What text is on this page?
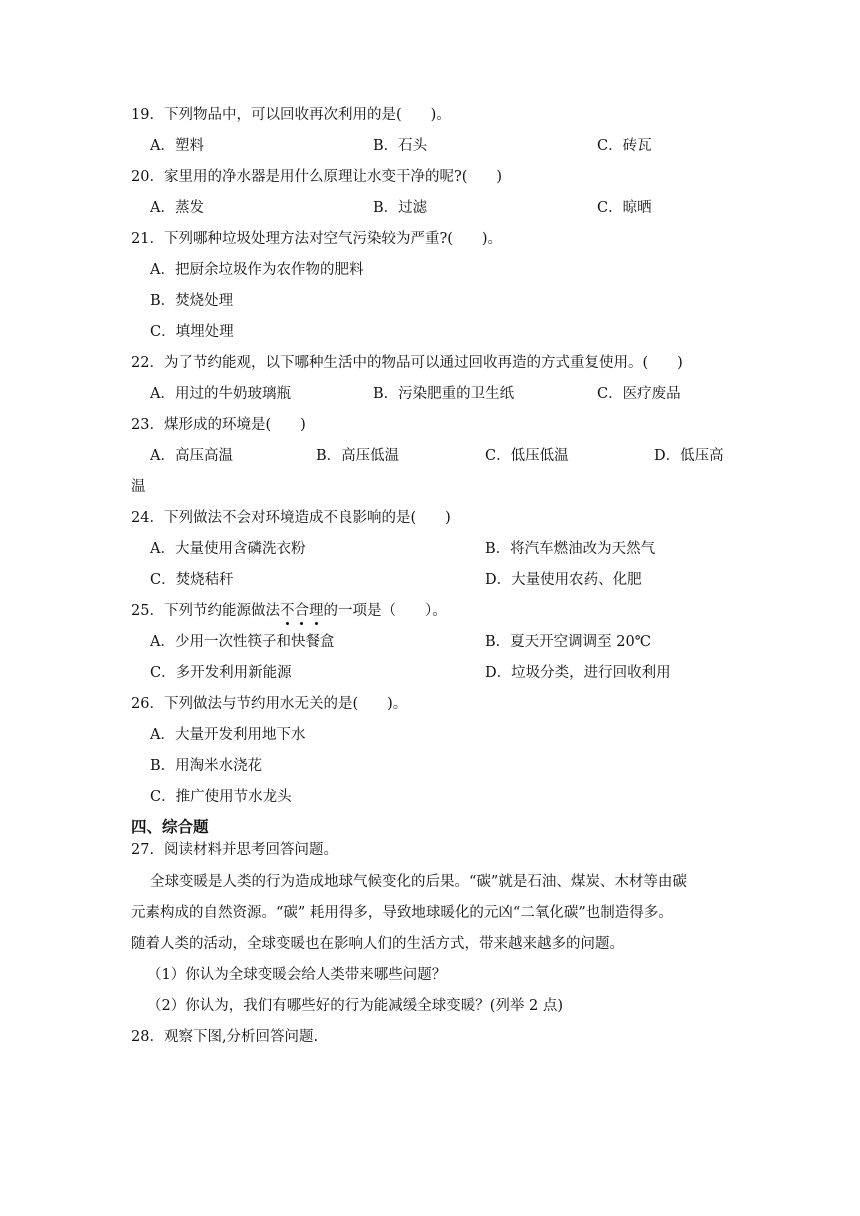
19．下列物品中，可以回收再次利用的是(　　)。
A．塑料	B．石头	C．砖瓦
20．家里用的净水器是用什么原理让水变干净的呢?(　　)
A．蒸发	B．过滤	C．晾晒
21．下列哪种垃圾处理方法对空气污染较为严重?(　　)。
A．把厨余垃圾作为农作物的肥料
B．焚烧处理
C．填埋处理
22．为了节约能观，以下哪种生活中的物品可以通过回收再造的方式重复使用。(　　)
A．用过的牛奶玻璃瓶	B．污染肥重的卫生纸	C．医疗废品
23．煤形成的环境是(　　)
A．高压高温	B．高压低温	C．低压低温	D．低压高
温
24．下列做法不会对环境造成不良影响的是(　　)
A．大量使用含磷洗衣粉	B．将汽车燃油改为天然气
C．焚烧秸秆	D．大量使用农药、化肥
25．下列节约能源做法不合理的一项是（　　）。
A．少用一次性筷子和快餐盒	B．夏天开空调调至 20℃
C．多开发利用新能源	D．垃圾分类，进行回收利用
26．下列做法与节约用水无关的是(　　)。
A．大量开发利用地下水
B．用淘米水浇花
C．推广使用节水龙头
四、综合题
27．阅读材料并思考回答问题。
全球变暖是人类的行为造成地球气候变化的后果。“碳”就是石油、煤炭、木材等由碳
元素构成的自然资源。“碳” 耗用得多，导致地球暖化的元凶“二氧化碳”也制造得多。
随着人类的活动，全球变暖也在影响人们的生活方式，带来越来越多的问题。
（1）你认为全球变暖会给人类带来哪些问题？
（2）你认为，我们有哪些好的行为能减缓全球变暖？(列举 2 点)
28．观察下图,分析回答问题.
